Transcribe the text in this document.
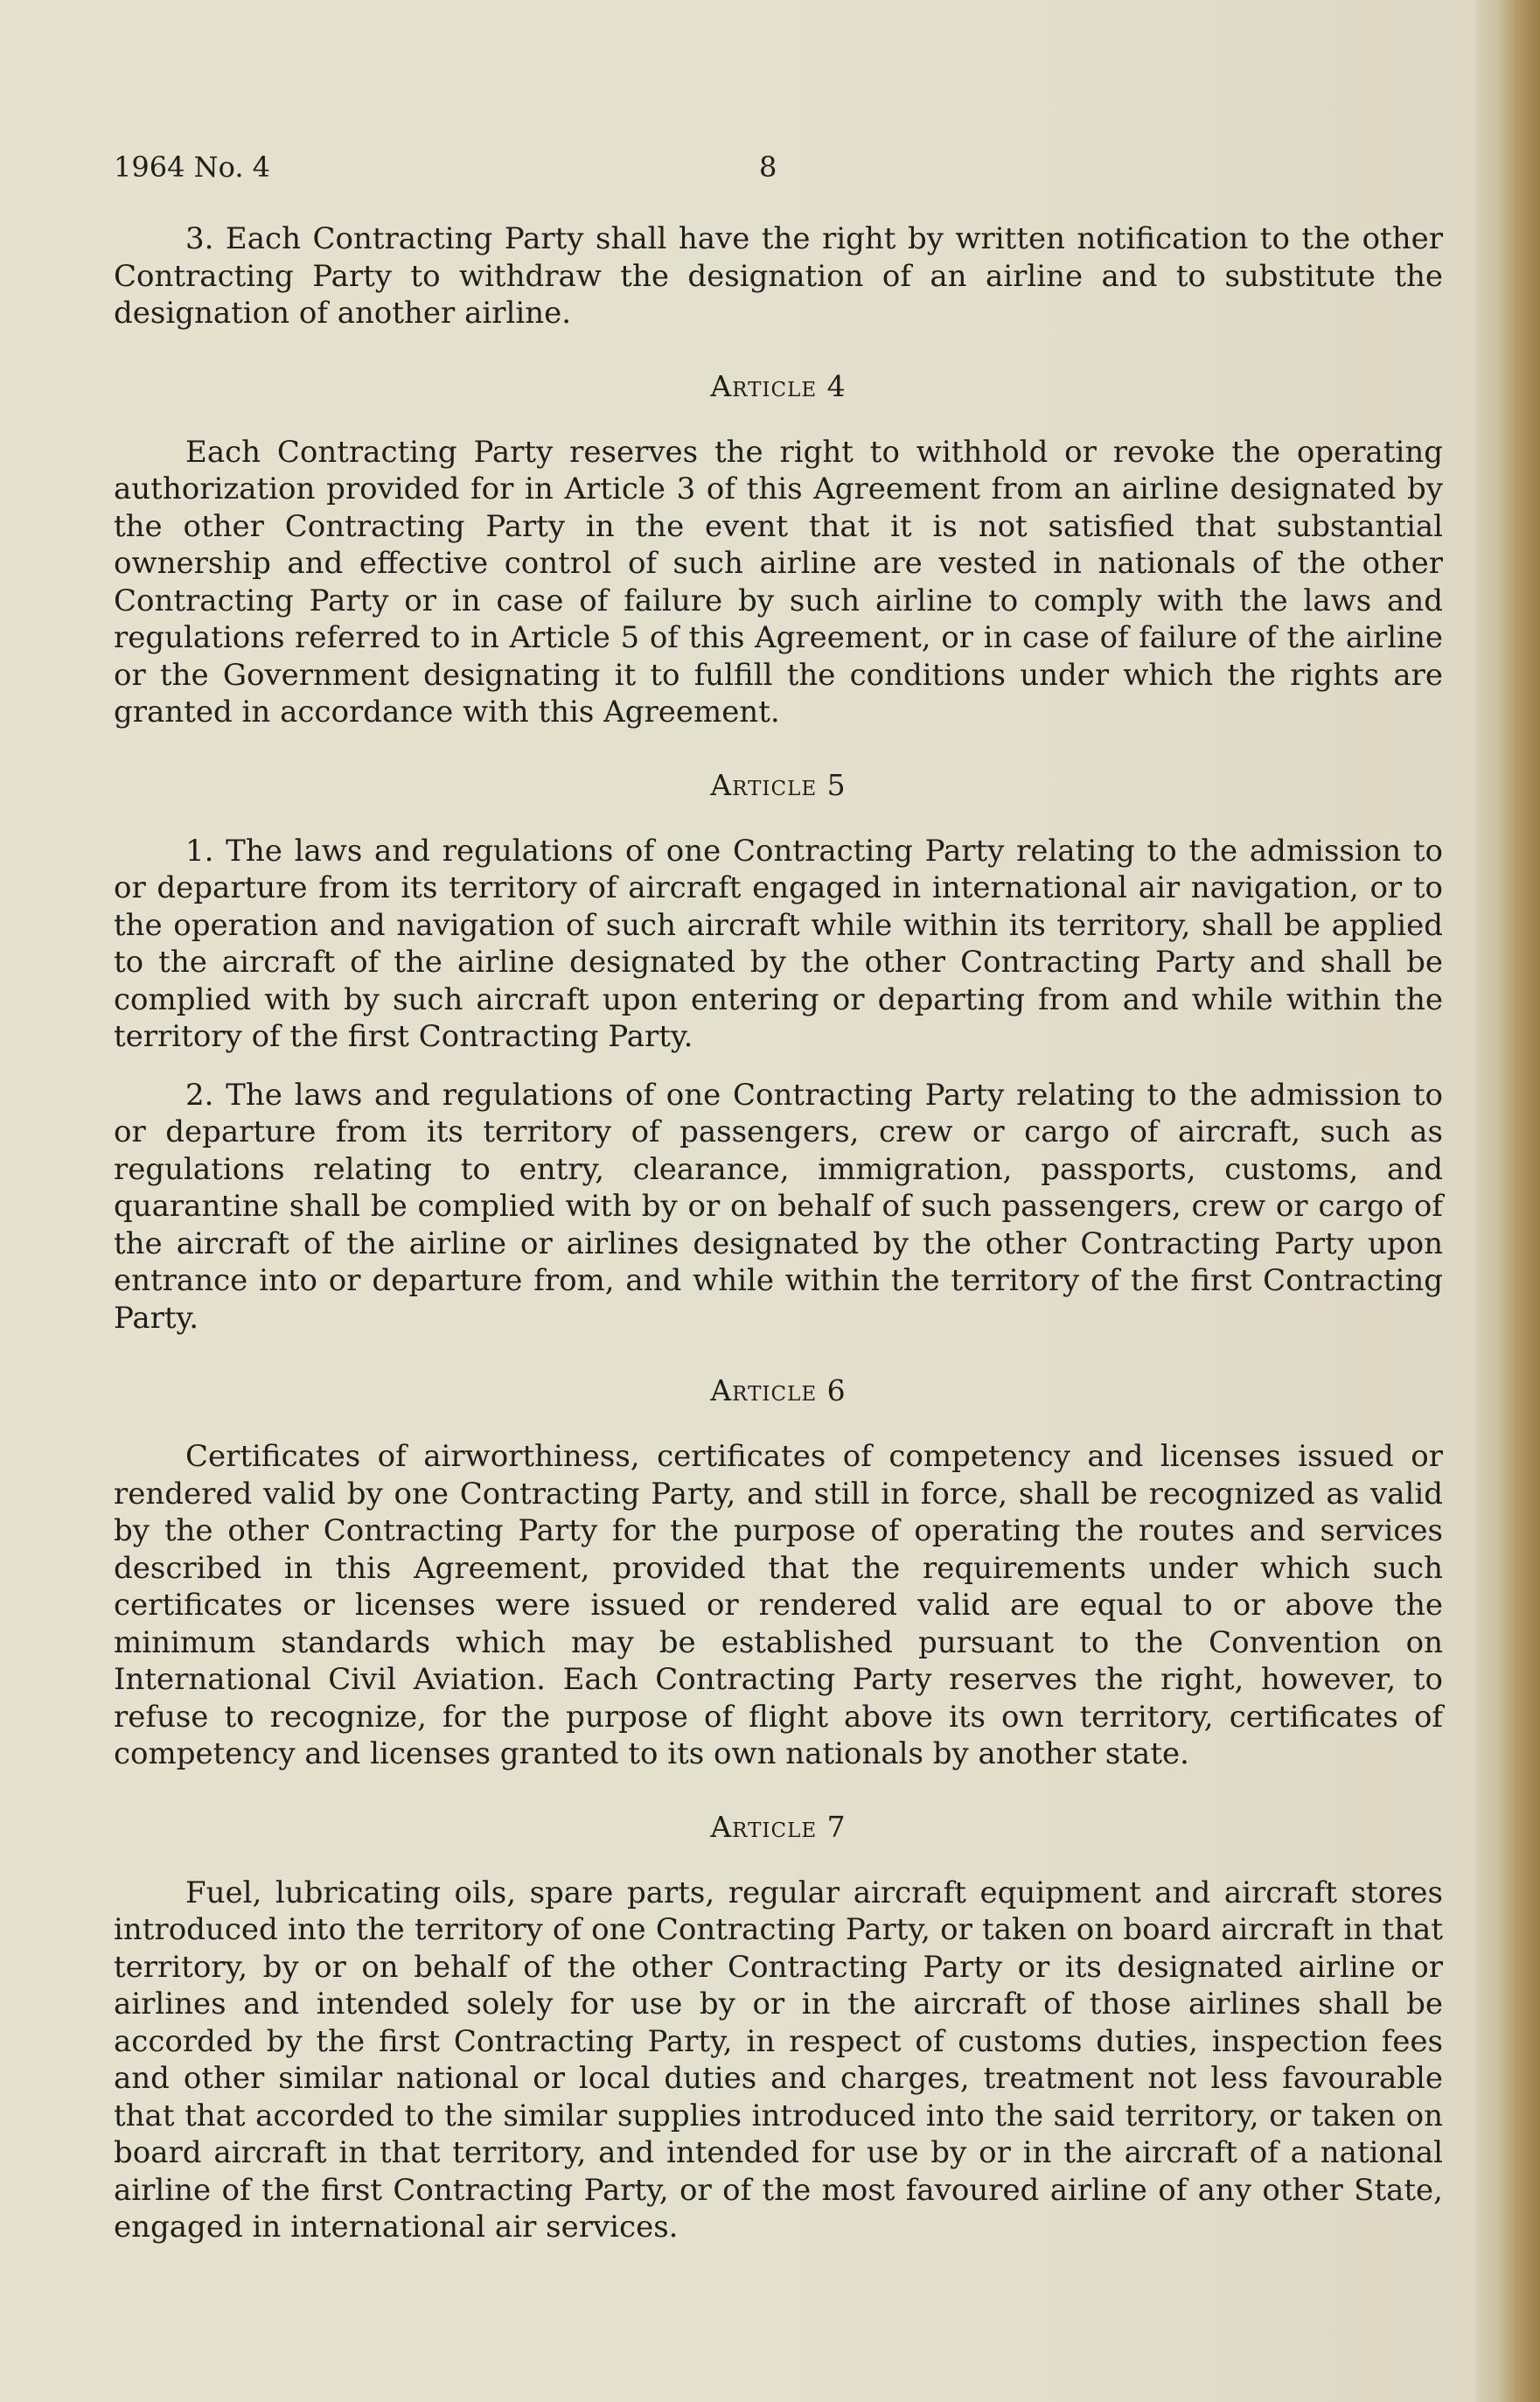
1964 No. 4	8

3. Each Contracting Party shall have the right by written notification to the other Contracting Party to withdraw the designation of an airline and to substitute the designation of another airline.

Article 4

Each Contracting Party reserves the right to withhold or revoke the operating authorization provided for in Article 3 of this Agreement from an airline designated by the other Contracting Party in the event that it is not satisfied that substantial ownership and effective control of such airline are vested in nationals of the other Contracting Party or in case of failure by such airline to comply with the laws and regulations referred to in Article 5 of this Agreement, or in case of failure of the airline or the Government designating it to fulfill the conditions under which the rights are granted in accordance with this Agreement.

Article 5

1. The laws and regulations of one Contracting Party relating to the admission to or departure from its territory of aircraft engaged in international air navigation, or to the operation and navigation of such aircraft while within its territory, shall be applied to the aircraft of the airline designated by the other Contracting Party and shall be complied with by such aircraft upon entering or departing from and while within the territory of the first Contracting Party.

2. The laws and regulations of one Contracting Party relating to the admission to or departure from its territory of passengers, crew or cargo of aircraft, such as regulations relating to entry, clearance, immigration, passports, customs, and quarantine shall be complied with by or on behalf of such passengers, crew or cargo of the aircraft of the airline or airlines designated by the other Contracting Party upon entrance into or departure from, and while within the territory of the first Contracting Party.

Article 6

Certificates of airworthiness, certificates of competency and licenses issued or rendered valid by one Contracting Party, and still in force, shall be recognized as valid by the other Contracting Party for the purpose of operating the routes and services described in this Agreement, provided that the requirements under which such certificates or licenses were issued or rendered valid are equal to or above the minimum standards which may be established pursuant to the Convention on International Civil Aviation. Each Contracting Party reserves the right, however, to refuse to recognize, for the purpose of flight above its own territory, certificates of competency and licenses granted to its own nationals by another state.

Article 7

Fuel, lubricating oils, spare parts, regular aircraft equipment and aircraft stores introduced into the territory of one Contracting Party, or taken on board aircraft in that territory, by or on behalf of the other Contracting Party or its designated airline or airlines and intended solely for use by or in the aircraft of those airlines shall be accorded by the first Contracting Party, in respect of customs duties, inspection fees and other similar national or local duties and charges, treatment not less favourable that that accorded to the similar supplies introduced into the said territory, or taken on board aircraft in that territory, and intended for use by or in the aircraft of a national airline of the first Contracting Party, or of the most favoured airline of any other State, engaged in international air services.
